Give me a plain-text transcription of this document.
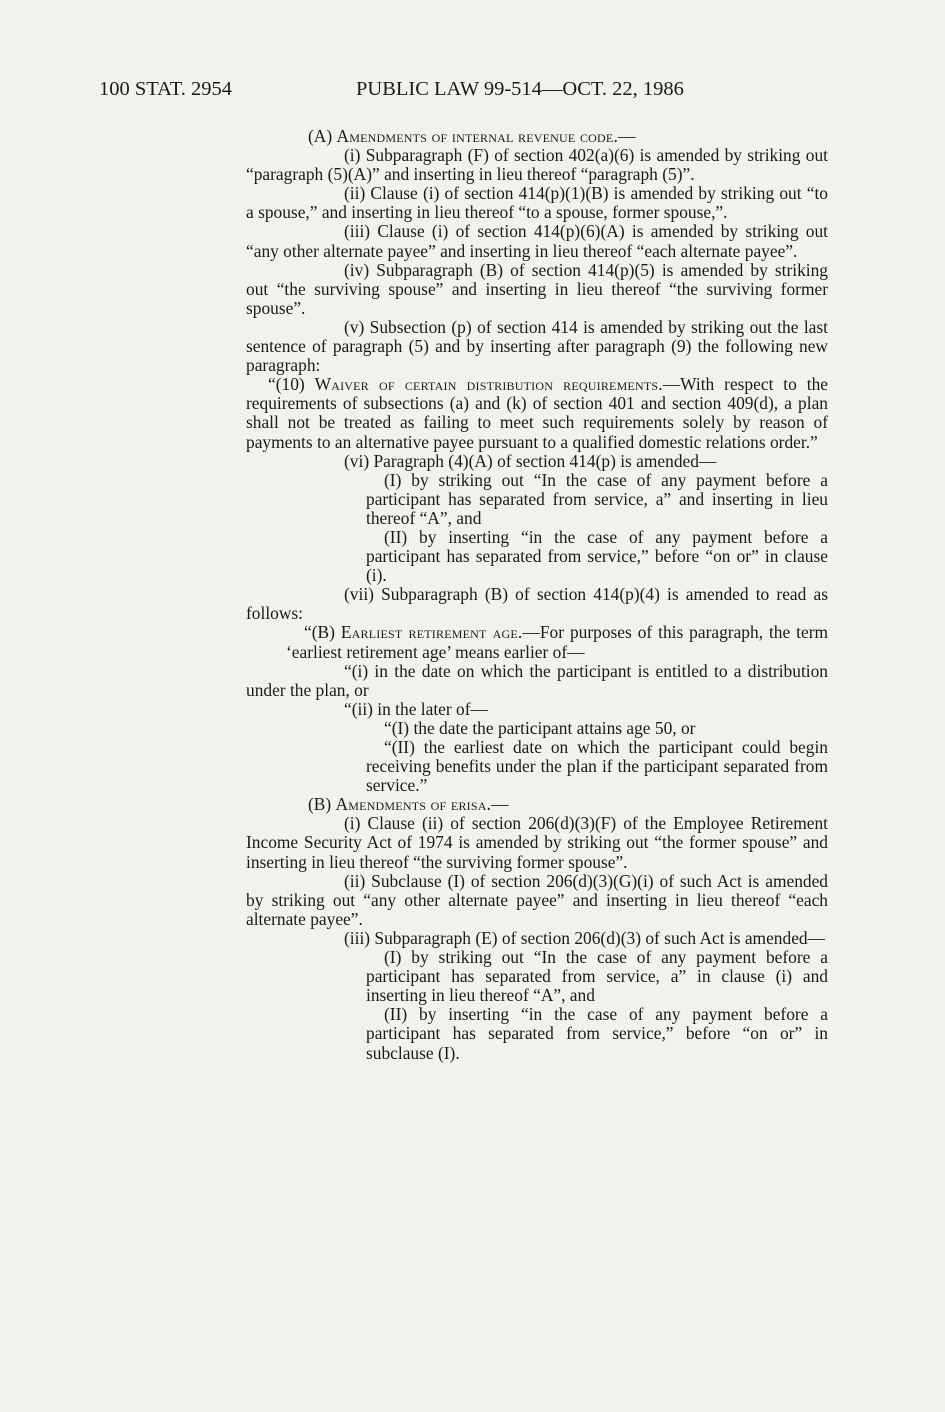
100 STAT. 2954	PUBLIC LAW 99-514—OCT. 22, 1986

(A) Amendments of internal revenue code.—

(i) Subparagraph (F) of section 402(a)(6) is amended by striking out “paragraph (5)(A)” and inserting in lieu thereof “paragraph (5)”.

(ii) Clause (i) of section 414(p)(1)(B) is amended by striking out “to a spouse,” and inserting in lieu thereof “to a spouse, former spouse,”.

(iii) Clause (i) of section 414(p)(6)(A) is amended by striking out “any other alternate payee” and inserting in lieu thereof “each alternate payee”.

(iv) Subparagraph (B) of section 414(p)(5) is amended by striking out “the surviving spouse” and inserting in lieu thereof “the surviving former spouse”.

(v) Subsection (p) of section 414 is amended by striking out the last sentence of paragraph (5) and by inserting after paragraph (9) the following new paragraph:

“(10) Waiver of certain distribution requirements.—With respect to the requirements of subsections (a) and (k) of section 401 and section 409(d), a plan shall not be treated as failing to meet such requirements solely by reason of payments to an alternative payee pursuant to a qualified domestic relations order.”

(vi) Paragraph (4)(A) of section 414(p) is amended—

(I) by striking out “In the case of any payment before a participant has separated from service, a” and inserting in lieu thereof “A”, and

(II) by inserting “in the case of any payment before a participant has separated from service,” before “on or” in clause (i).

(vii) Subparagraph (B) of section 414(p)(4) is amended to read as follows:

“(B) Earliest retirement age.—For purposes of this paragraph, the term ‘earliest retirement age’ means earlier of—

“(i) in the date on which the participant is entitled to a distribution under the plan, or

“(ii) in the later of—

“(I) the date the participant attains age 50, or

“(II) the earliest date on which the participant could begin receiving benefits under the plan if the participant separated from service.”

(B) Amendments of erisa.—

(i) Clause (ii) of section 206(d)(3)(F) of the Employee Retirement Income Security Act of 1974 is amended by striking out “the former spouse” and inserting in lieu thereof “the surviving former spouse”.

(ii) Subclause (I) of section 206(d)(3)(G)(i) of such Act is amended by striking out “any other alternate payee” and inserting in lieu thereof “each alternate payee”.

(iii) Subparagraph (E) of section 206(d)(3) of such Act is amended—

(I) by striking out “In the case of any payment before a participant has separated from service, a” in clause (i) and inserting in lieu thereof “A”, and

(II) by inserting “in the case of any payment before a participant has separated from service,” before “on or” in subclause (I).
